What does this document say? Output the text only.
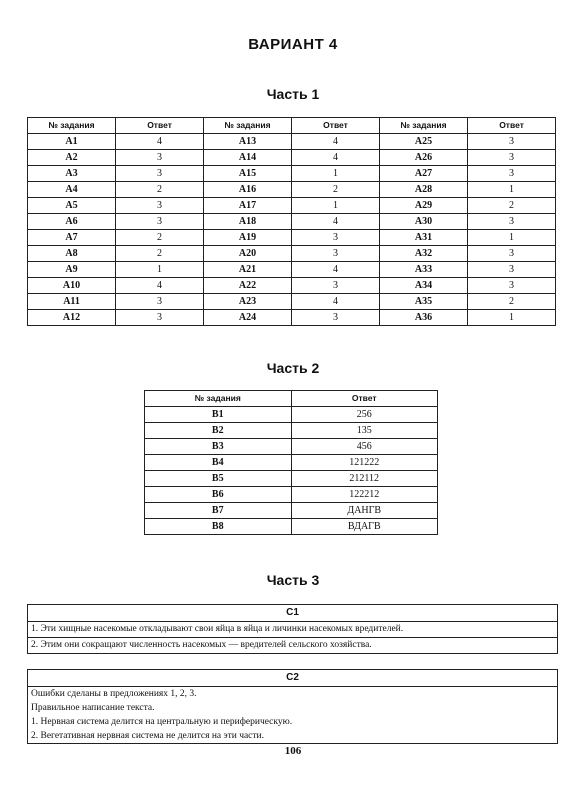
ВАРИАНТ 4
Часть 1
№ задания	Ответ	№ задания	Ответ	№ задания	Ответ
А1	4	А13	4	А25	3
А2	3	А14	4	А26	3
А3	3	А15	1	А27	3
А4	2	А16	2	А28	1
А5	3	А17	1	А29	2
А6	3	А18	4	А30	3
А7	2	А19	3	А31	1
А8	2	А20	3	А32	3
А9	1	А21	4	А33	3
А10	4	А22	3	А34	3
А11	3	А23	4	А35	2
А12	3	А24	3	А36	1
Часть 2
№ задания	Ответ
В1	256
В2	135
В3	456
В4	121222
В5	212112
В6	122212
В7	ДАНГВ
В8	ВДАГВ
Часть 3
С1
1. Эти хищные насекомые откладывают свои яйца в яйца и личинки насекомых вредителей.
2. Этим они сокращают численность насекомых — вредителей сельского хозяйства.
С2
Ошибки сделаны в предложениях 1, 2, 3.
Правильное написание текста.
1. Нервная система делится на центральную и периферическую.
2. Вегетативная нервная система не делится на эти части.
106
